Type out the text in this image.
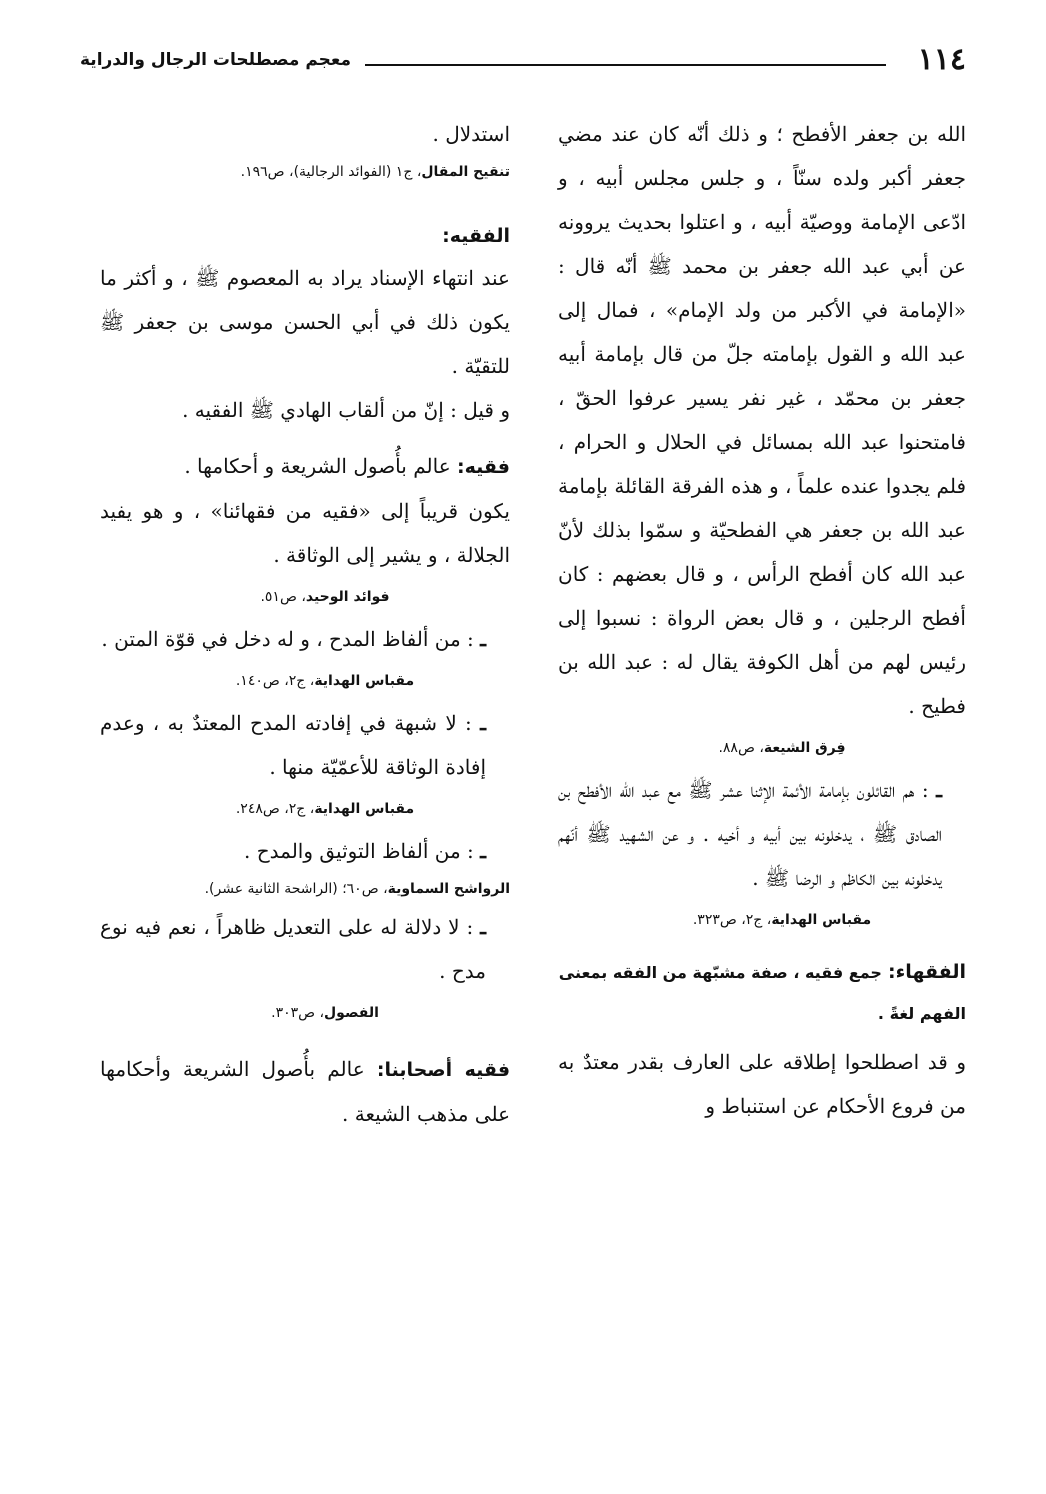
١١٤
معجم مصطلحات الرجال والدراية

الله بن جعفر الأفطح ؛ و ذلك أنّه كان عند مضي جعفر أكبر ولده سنّاً ، و جلس مجلس أبيه ، و ادّعى الإمامة ووصيّة أبيه ، و اعتلوا بحديث يروونه عن أبي عبد الله جعفر بن محمد ﷺ أنّه قال : «الإمامة في الأكبر من ولد الإمام» ، فمال إلى عبد الله و القول بإمامته جلّ من قال بإمامة أبيه جعفر بن محمّد ، غير نفر يسير عرفوا الحقّ ، فامتحنوا عبد الله بمسائل في الحلال و الحرام ، فلم يجدوا عنده علماً ، و هذه الفرقة القائلة بإمامة عبد الله بن جعفر هي الفطحيّة و سمّوا بذلك لأنّ عبد الله كان أفطح الرأس ، و قال بعضهم : كان أفطح الرجلين ، و قال بعض الرواة : نسبوا إلى رئيس لهم من أهل الكوفة يقال له : عبد الله بن فطيح .

فِرق الشيعة، ص٨٨.

ـ : هم القائلون بإمامة الأئمة الإثنا عشر ﷺ مع عبد الله الأفطح بن الصادق ﷺ ، يدخلونه بين أبيه و أخيه . و عن الشهيد ﷺ أنّهم يدخلونه بين الكاظم و الرضا ﷺ .

مقباس الهداية، ج٢، ص٣٢٣.

الفقهاء: جمع فقيه ، صفة مشبّهة من الفقه بمعنى الفهم لغةً .

و قد اصطلحوا إطلاقه على العارف بقدر معتدٌ به من فروع الأحكام عن استنباط و

استدلال .

تنقيح المقال، ج١ (الفوائد الرجالية)، ص١٩٦.

الفقيه:

عند انتهاء الإسناد يراد به المعصوم ﷺ ، و أكثر ما يكون ذلك في أبي الحسن موسى بن جعفر ﷺ للتقيّة .

و قيل : إنّ من ألقاب الهادي ﷺ الفقيه .

فقيه: عالم بأُصول الشريعة و أحكامها .

يكون قريباً إلى «فقيه من فقهائنا» ، و هو يفيد الجلالة ، و يشير إلى الوثاقة .

فوائد الوحيد، ص٥١.

ـ : من ألفاظ المدح ، و له دخل في قوّة المتن .

مقباس الهداية، ج٢، ص١٤٠.

ـ : لا شبهة في إفادته المدح المعتدٌ به ، وعدم إفادة الوثاقة للأعمّيّة منها .

مقباس الهداية، ج٢، ص٢٤٨.

ـ : من ألفاظ التوثيق والمدح .

الرواشح السماوية، ص٦٠؛ (الراشحة الثانية عشر).

ـ : لا دلالة له على التعديل ظاهراً ، نعم فيه نوع مدح .

الفصول، ص٣٠٣.

فقيه أصحابنا: عالم بأُصول الشريعة وأحكامها على مذهب الشيعة .
